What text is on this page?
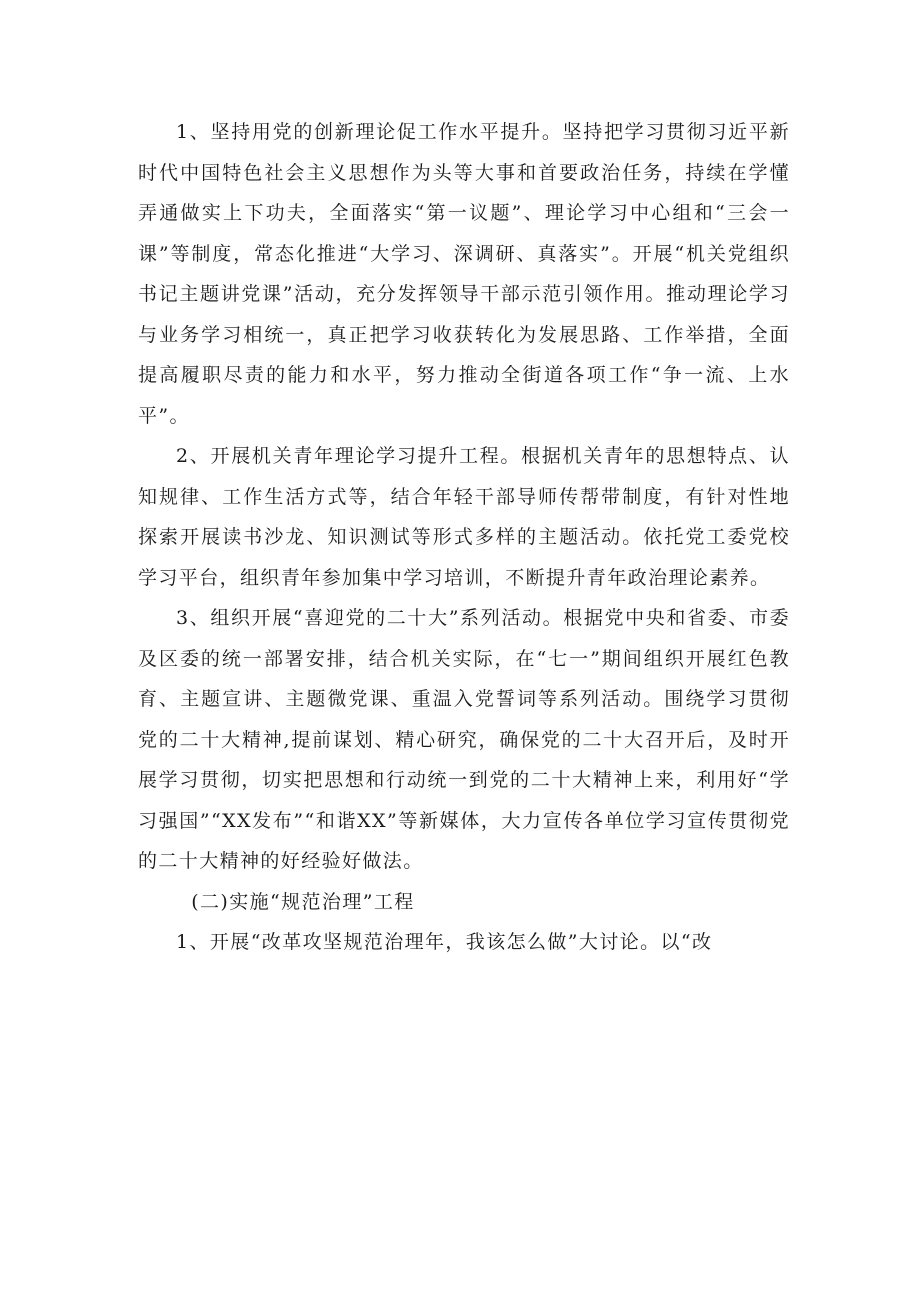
1、坚持用党的创新理论促工作水平提升。坚持把学习贯彻习近平新时代中国特色社会主义思想作为头等大事和首要政治任务，持续在学懂弄通做实上下功夫，全面落实“第一议题”、理论学习中心组和“三会一课”等制度，常态化推进“大学习、深调研、真落实”。开展“机关党组织书记主题讲党课”活动，充分发挥领导干部示范引领作用。推动理论学习与业务学习相统一，真正把学习收获转化为发展思路、工作举措，全面提高履职尽责的能力和水平，努力推动全街道各项工作“争一流、上水平”。

2、开展机关青年理论学习提升工程。根据机关青年的思想特点、认知规律、工作生活方式等，结合年轻干部导师传帮带制度，有针对性地探索开展读书沙龙、知识测试等形式多样的主题活动。依托党工委党校学习平台，组织青年参加集中学习培训，不断提升青年政治理论素养。

3、组织开展“喜迎党的二十大”系列活动。根据党中央和省委、市委及区委的统一部署安排，结合机关实际，在“七一”期间组织开展红色教育、主题宣讲、主题微党课、重温入党誓词等系列活动。围绕学习贯彻党的二十大精神,提前谋划、精心研究，确保党的二十大召开后，及时开展学习贯彻，切实把思想和行动统一到党的二十大精神上来，利用好“学习强国”“XX发布”“和谐XX”等新媒体，大力宣传各单位学习宣传贯彻党的二十大精神的好经验好做法。

(二)实施“规范治理”工程

1、开展“改革攻坚规范治理年，我该怎么做”大讨论。以“改
